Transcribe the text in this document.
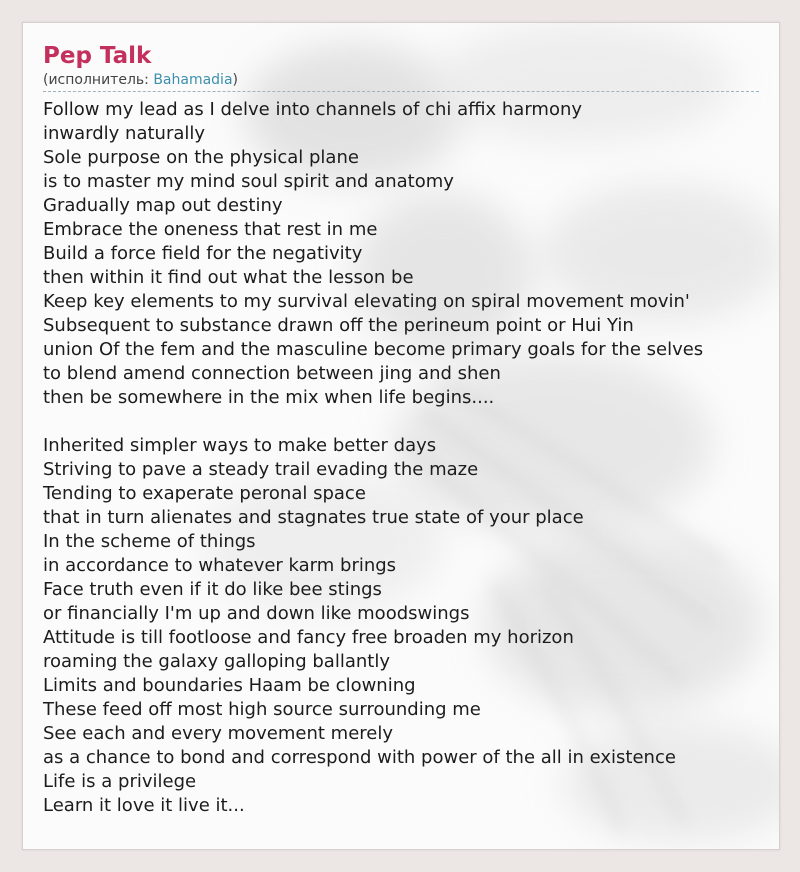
Pep Talk

(исполнитель: Bahamadia)

Follow my lead as I delve into channels of chi affix harmony
inwardly naturally
Sole purpose on the physical plane
is to master my mind soul spirit and anatomy
Gradually map out destiny
Embrace the oneness that rest in me
Build a force field for the negativity
then within it find out what the lesson be
Keep key elements to my survival elevating on spiral movement movin'
Subsequent to substance drawn off the perineum point or Hui Yin
union Of the fem and the masculine become primary goals for the selves
to blend amend connection between jing and shen
then be somewhere in the mix when life begins....
Inherited simpler ways to make better days
Striving to pave a steady trail evading the maze
Tending to exaperate peronal space
that in turn alienates and stagnates true state of your place
In the scheme of things
in accordance to whatever karm brings
Face truth even if it do like bee stings
or financially I'm up and down like moodswings
Attitude is till footloose and fancy free broaden my horizon
roaming the galaxy galloping ballantly
Limits and boundaries Haam be clowning
These feed off most high source surrounding me
See each and every movement merely
as a chance to bond and correspond with power of the all in existence
Life is a privilege
Learn it love it live it...
